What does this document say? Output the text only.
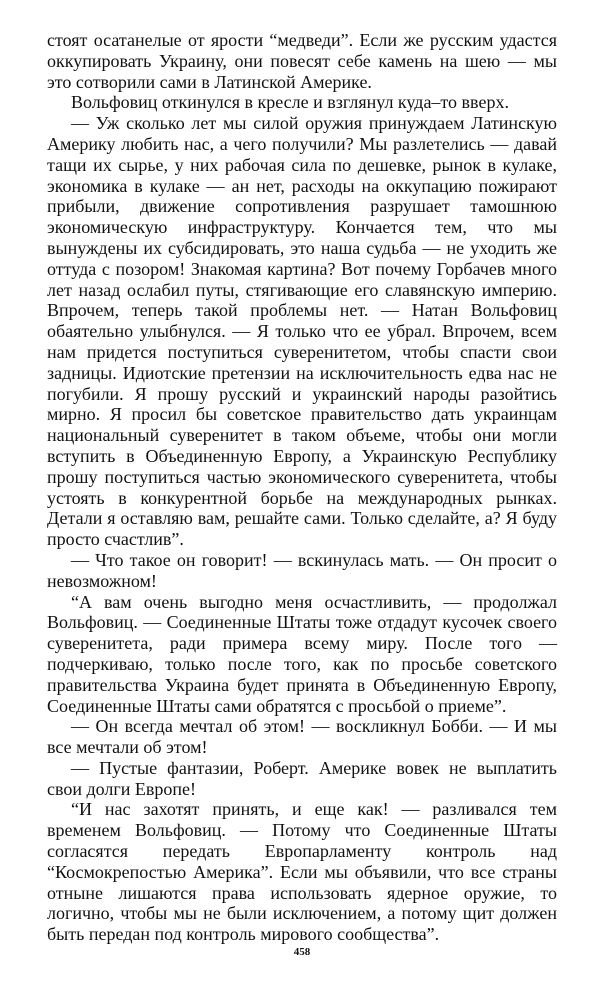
стоят осатанелые от ярости “медведи”. Если же русским удастся оккупировать Украину, они повесят себе камень на шею — мы это сотворили сами в Латинской Америке.

Вольфовиц откинулся в кресле и взглянул куда–то вверх.

— Уж сколько лет мы силой оружия принуждаем Латинскую Америку любить нас, а чего получили? Мы разлетелись — давай тащи их сырье, у них рабочая сила по дешевке, рынок в кулаке, экономика в кулаке — ан нет, расходы на оккупацию пожирают прибыли, движение сопротивления разрушает тамошнюю экономическую инфраструктуру. Кончается тем, что мы вынуждены их субсидировать, это наша судьба — не уходить же оттуда с позором! Знакомая картина? Вот почему Горбачев много лет назад ослабил путы, стягивающие его славянскую империю. Впрочем, теперь такой проблемы нет. — Натан Вольфовиц обаятельно улыбнулся. — Я только что ее убрал. Впрочем, всем нам придется поступиться суверенитетом, чтобы спасти свои задницы. Идиотские претензии на исключительность едва нас не погубили. Я прошу русский и украинский народы разойтись мирно. Я просил бы советское правительство дать украинцам национальный суверенитет в таком объеме, чтобы они могли вступить в Объединенную Европу, а Украинскую Республику прошу поступиться частью экономического суверенитета, чтобы устоять в конкурентной борьбе на международных рынках. Детали я оставляю вам, решайте сами. Только сделайте, а? Я буду просто счастлив”.

— Что такое он говорит! — вскинулась мать. — Он просит о невозможном!

“А вам очень выгодно меня осчастливить, — продолжал Вольфовиц. — Соединенные Штаты тоже отдадут кусочек своего суверенитета, ради примера всему миру. После того — подчеркиваю, только после того, как по просьбе советского правительства Украина будет принята в Объединенную Европу, Соединенные Штаты сами обратятся с просьбой о приеме”.

— Он всегда мечтал об этом! — воскликнул Бобби. — И мы все мечтали об этом!

— Пустые фантазии, Роберт. Америке вовек не выплатить свои долги Европе!

“И нас захотят принять, и еще как! — разливался тем временем Вольфовиц. — Потому что Соединенные Штаты согласятся передать Европарламенту контроль над “Космокрепостью Америка”. Если мы объявили, что все страны отныне лишаются права использовать ядерное оружие, то логично, чтобы мы не были исключением, а потому щит должен быть передан под контроль мирового сообщества”.

458
